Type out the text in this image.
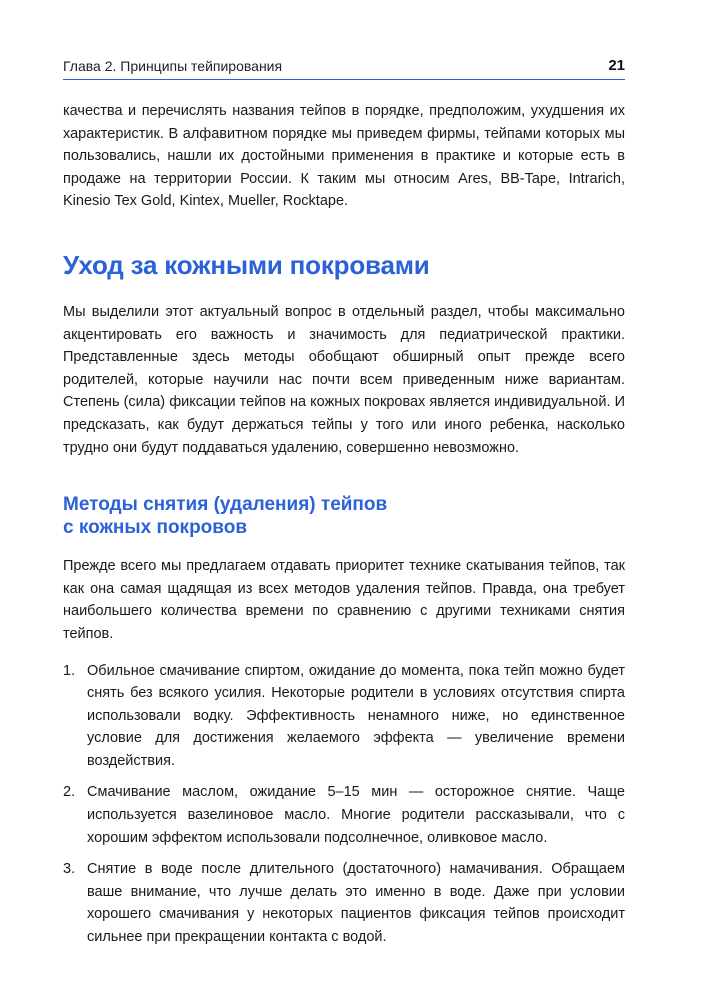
Глава 2. Принципы тейпирования	21

качества и перечислять названия тейпов в порядке, предположим, ухудшения их характеристик. В алфавитном порядке мы приведем фирмы, тейпами которых мы пользовались, нашли их достойными применения в практике и которые есть в продаже на территории России. К таким мы относим Ares, BB-Tape, Intrarich, Kinesio Tex Gold, Kintex, Mueller, Rocktape.

Уход за кожными покровами

Мы выделили этот актуальный вопрос в отдельный раздел, чтобы максимально акцентировать его важность и значимость для педиатрической практики. Представленные здесь методы обобщают обширный опыт прежде всего родителей, которые научили нас почти всем приведенным ниже вариантам. Степень (сила) фиксации тейпов на кожных покровах является индивидуальной. И предсказать, как будут держаться тейпы у того или иного ребенка, насколько трудно они будут поддаваться удалению, совершенно невозможно.

Методы снятия (удаления) тейпов
с кожных покровов

Прежде всего мы предлагаем отдавать приоритет технике скатывания тейпов, так как она самая щадящая из всех методов удаления тейпов. Правда, она требует наибольшего количества времени по сравнению с другими техниками снятия тейпов.

1. Обильное смачивание спиртом, ожидание до момента, пока тейп можно будет снять без всякого усилия. Некоторые родители в условиях отсутствия спирта использовали водку. Эффективность ненамного ниже, но единственное условие для достижения желаемого эффекта — увеличение времени воздействия.
2. Смачивание маслом, ожидание 5–15 мин — осторожное снятие. Чаще используется вазелиновое масло. Многие родители рассказывали, что с хорошим эффектом использовали подсолнечное, оливковое масло.
3. Снятие в воде после длительного (достаточного) намачивания. Обращаем ваше внимание, что лучше делать это именно в воде. Даже при условии хорошего смачивания у некоторых пациентов фиксация тейпов происходит сильнее при прекращении контакта с водой.
